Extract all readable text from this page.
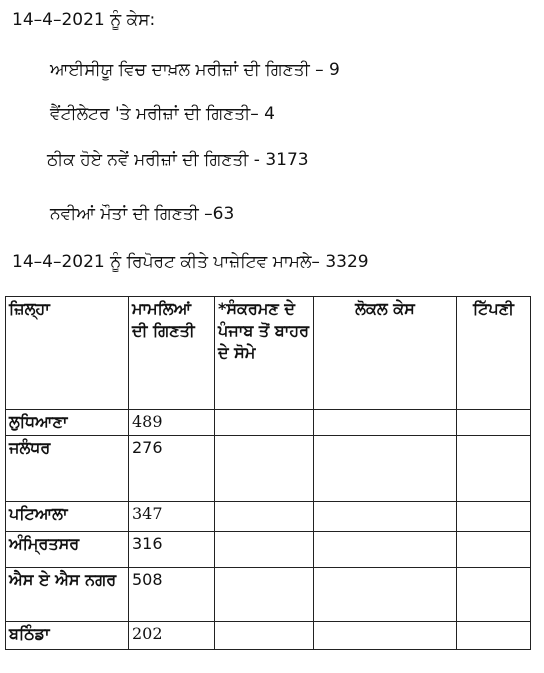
14–4–2021 ਨੂੰ ਕੇਸ:
ਆਈਸੀਯੂ ਵਿਚ ਦਾਖ਼ਲ ਮਰੀਜ਼ਾਂ ਦੀ ਗਿਣਤੀ – 9
ਵੈਂਟੀਲੇਟਰ 'ਤੇ ਮਰੀਜ਼ਾਂ ਦੀ ਗਿਣਤੀ– 4
ਠੀਕ ਹੋਏ ਨਵੇਂ ਮਰੀਜ਼ਾਂ ਦੀ ਗਿਣਤੀ - 3173
ਨਵੀਆਂ ਮੌਤਾਂ ਦੀ ਗਿਣਤੀ –63
14–4–2021 ਨੂੰ ਰਿਪੋਰਟ ਕੀਤੇ ਪਾਜ਼ੇਟਿਵ ਮਾਮਲੇ– 3329
ਜ਼ਿਲ੍ਹਾ	ਮਾਮਲਿਆਂ ਦੀ ਗਿਣਤੀ	*ਸੰਕਰਮਣ ਦੇ ਪੰਜਾਬ ਤੋਂ ਬਾਹਰ ਦੇ ਸੋਮੇ	ਲੋਕਲ ਕੇਸ	ਟਿੱਪਣੀ
ਲੁਧਿਆਣਾ	489			
ਜਲੰਧਰ	276			
ਪਟਿਆਲਾ	347			
ਅੰਮ੍ਰਿਤਸਰ	316			
ਐਸ ਏ ਐਸ ਨਗਰ	508			
ਬਠਿੰਡਾ	202			
